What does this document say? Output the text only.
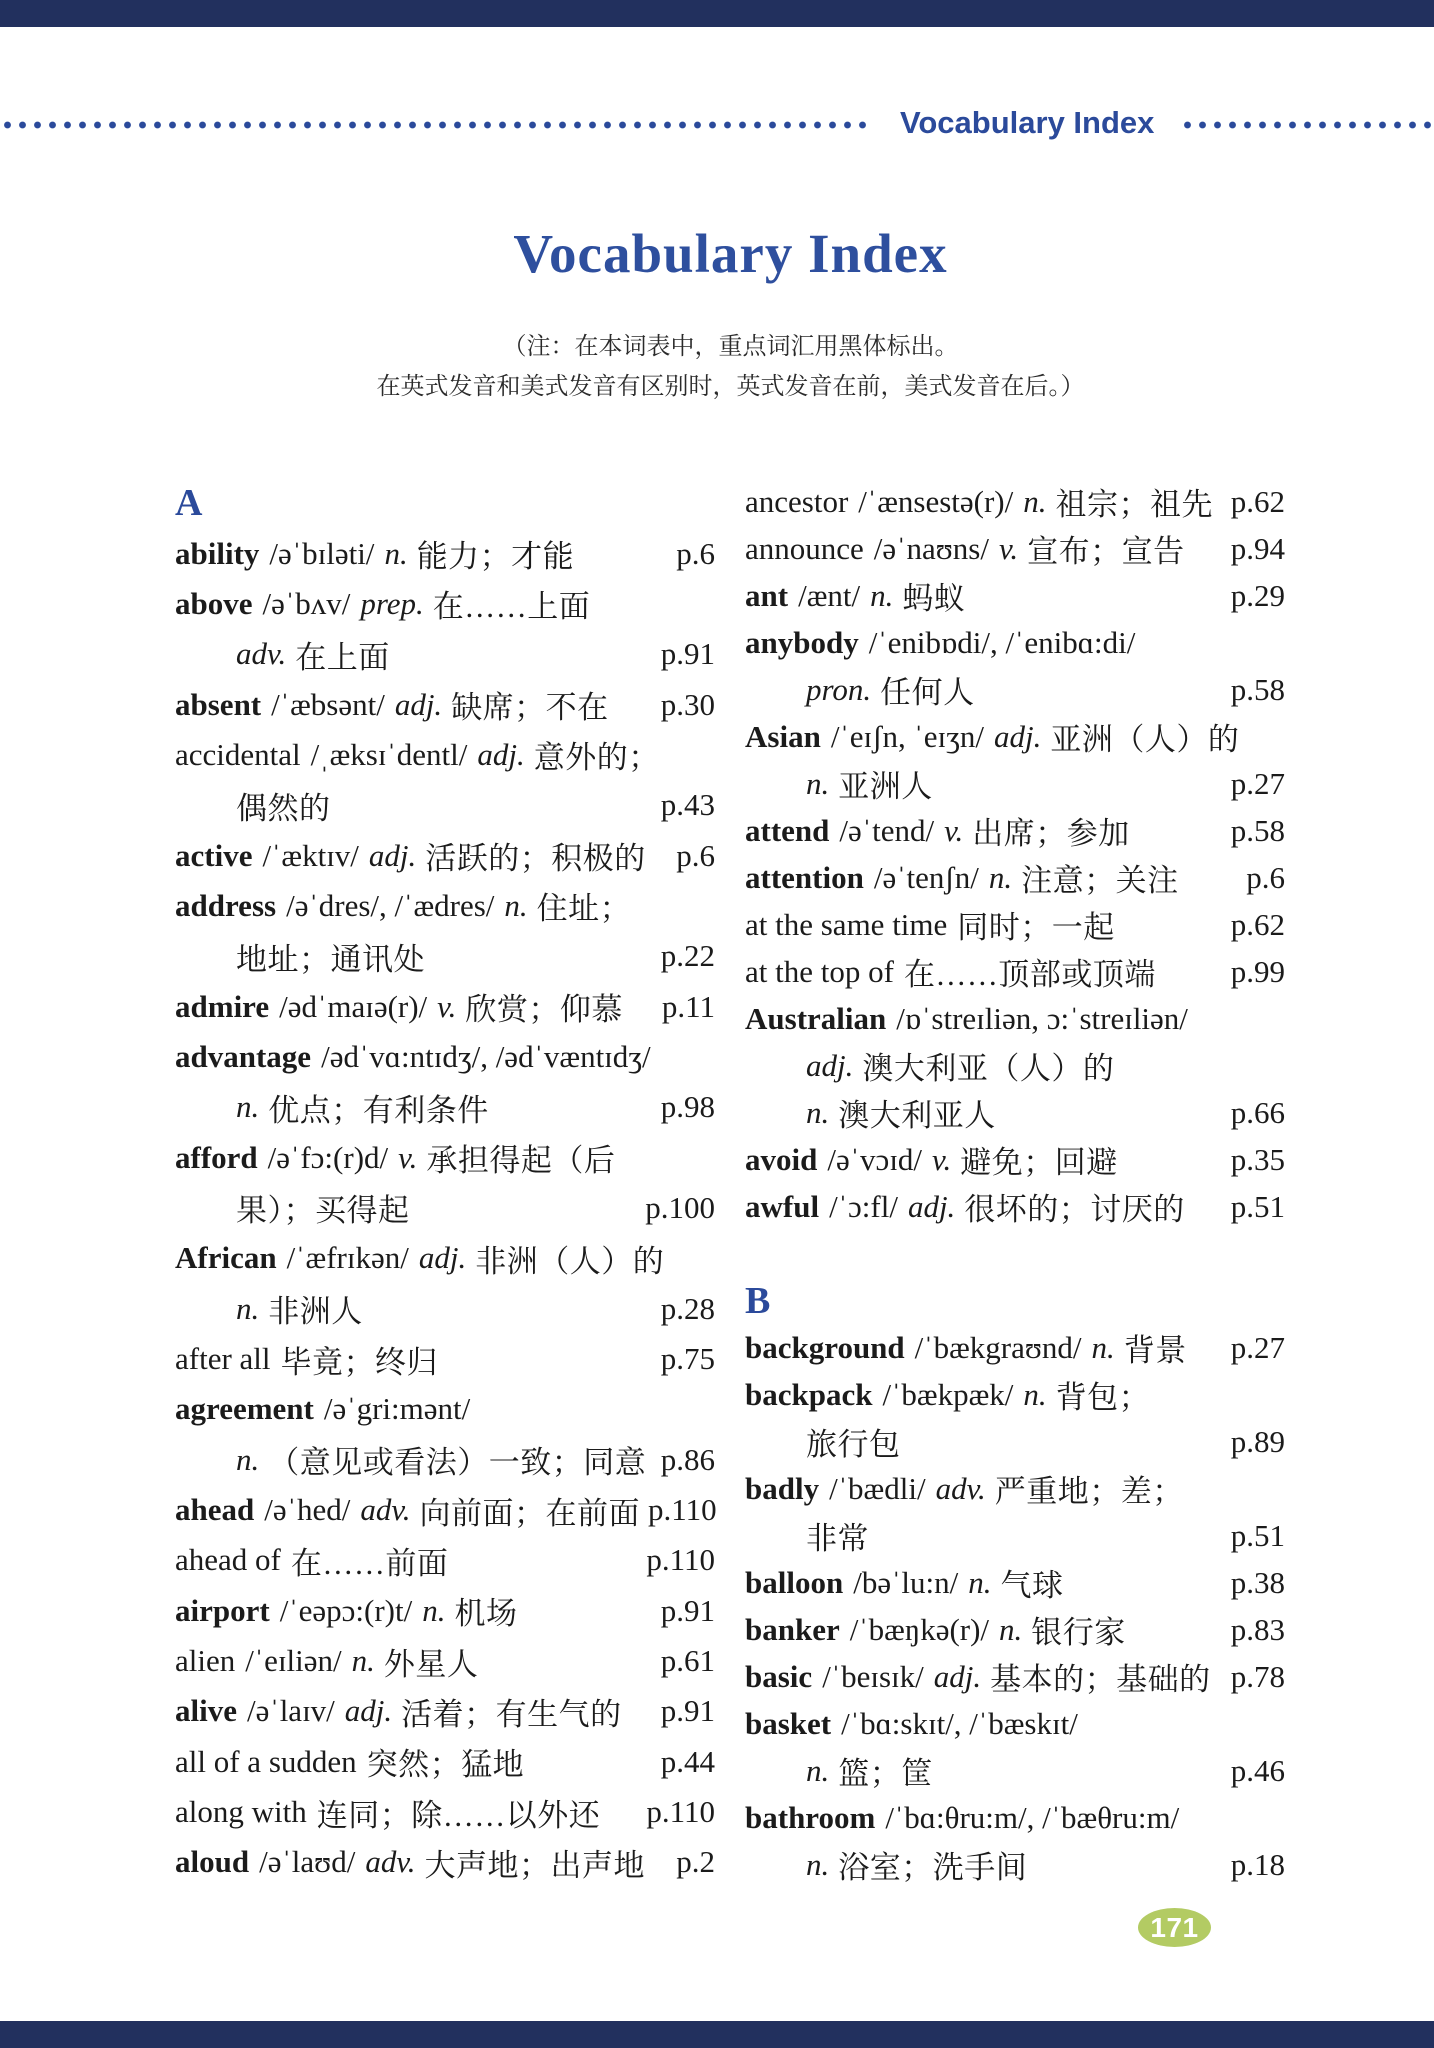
Vocabulary Index
Vocabulary Index
（注：在本词表中，重点词汇用黑体标出。
在英式发音和美式发音有区别时，英式发音在前，美式发音在后。）
A
ability /əˈbɪləti/ n. 能力；才能	p.6
above /əˈbʌv/ prep. 在……上面
adv. 在上面	p.91
absent /ˈæbsənt/ adj. 缺席；不在 p.30
accidental /ˌæksɪˈdentl/ adj. 意外的；
偶然的	p.43
active /ˈæktɪv/ adj. 活跃的；积极的 p.6
address /əˈdres/, /ˈædres/ n. 住址；
地址；通讯处	p.22
admire /ədˈmaɪə(r)/ v. 欣赏；仰慕 p.11
advantage /ədˈvɑ:ntɪdʒ/, /ədˈvæntɪdʒ/
n. 优点；有利条件	p.98
afford /əˈfɔ:(r)d/ v. 承担得起（后
果）；买得起	p.100
African /ˈæfrɪkən/ adj. 非洲（人）的
n. 非洲人	p.28
after all 毕竟；终归	p.75
agreement /əˈgri:mənt/
n. （意见或看法）一致；同意 p.86
ahead /əˈhed/ adv. 向前面；在前面 p.110
ahead of 在……前面	p.110
airport /ˈeəpɔ:(r)t/ n. 机场	p.91
alien /ˈeɪliən/ n. 外星人	p.61
alive /əˈlaɪv/ adj. 活着；有生气的 p.91
all of a sudden 突然；猛地	p.44
along with 连同；除……以外还 p.110
aloud /əˈlaʊd/ adv. 大声地；出声地 p.2
ancestor /ˈænsestə(r)/ n. 祖宗；祖先 p.62
announce /əˈnaʊns/ v. 宣布；宣告 p.94
ant /ænt/ n. 蚂蚁	p.29
anybody /ˈenibɒdi/, /ˈenibɑ:di/
pron. 任何人	p.58
Asian /ˈeɪʃn, ˈeɪʒn/ adj. 亚洲（人）的
n. 亚洲人	p.27
attend /əˈtend/ v. 出席；参加	p.58
attention /əˈtenʃn/ n. 注意；关注 p.6
at the same time 同时；一起	p.62
at the top of 在……顶部或顶端 p.99
Australian /ɒˈstreɪliən, ɔ:ˈstreɪliən/
adj. 澳大利亚（人）的
n. 澳大利亚人	p.66
avoid /əˈvɔɪd/ v. 避免；回避	p.35
awful /ˈɔ:fl/ adj. 很坏的；讨厌的 p.51
B
background /ˈbækgraʊnd/ n. 背景 p.27
backpack /ˈbækpæk/ n. 背包；
旅行包	p.89
badly /ˈbædli/ adv. 严重地；差；
非常	p.51
balloon /bəˈlu:n/ n. 气球	p.38
banker /ˈbæŋkə(r)/ n. 银行家	p.83
basic /ˈbeɪsɪk/ adj. 基本的；基础的 p.78
basket /ˈbɑ:skɪt/, /ˈbæskɪt/
n. 篮；筐	p.46
bathroom /ˈbɑ:θru:m/, /ˈbæθru:m/
n. 浴室；洗手间	p.18
171
